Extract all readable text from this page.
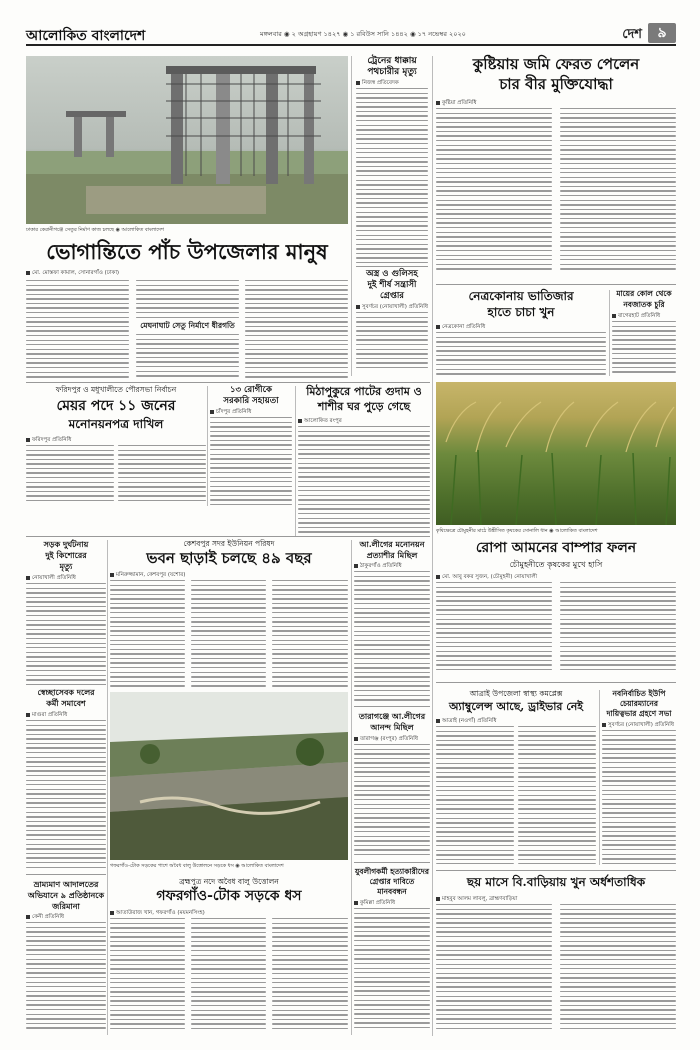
আলোকিত বাংলাদেশ	মঙ্গলবার ◉ ২ অগ্রহায়ণ ১৪২৭ ◉ ১ রবিউস সানি ১৪৪২ ◉ ১৭ নভেম্বর ২০২০	দেশ	৯
ঢাকার কেরানীগঞ্জে সেতুর নির্মাণ কাজ চলছে ◉ আলোকিত বাংলাদেশ
ট্রেনের ধাক্কায়
পথচারীর মৃত্যু
নিজস্ব প্রতিবেদক
কুষ্টিয়ায় জমি ফেরত পেলেন
চার বীর মুক্তিযোদ্ধা
কুষ্টিয়া প্রতিনিধি
ভোগান্তিতে পাঁচ উপজেলার মানুষ
মো. মোস্তফা কামাল, সোনারগাঁও (ঢাকা)
মেঘনাঘাট সেতু নির্মাণে ধীরগতি
অস্ত্র ও গুলিসহ
দুই শীর্ষ সন্ত্রাসী
গ্রেপ্তার
সুবর্ণচর (নোয়াখালী) প্রতিনিধি
নেত্রকোনায় ভাতিজার
হাতে চাচা খুন
নেত্রকোনা প্রতিনিধি
মায়ের কোল থেকে
নবজাতক চুরি
বাগেরহাট প্রতিনিধি
কৃষিক্ষেত্রে চৌমুহনীর মাঠে উঙ্কীসিত কৃষকের সোনালি ধান ◉ আলোকিত বাংলাদেশ
ফরিদপুর ও মধুখালীতে পৌরসভা নির্বাচন
মেয়র পদে ১১ জনের
মনোনয়নপত্র দাখিল
ফরিদপুর প্রতিনিধি
১৩ রোগীকে
সরকারি সহায়তা
চাঁদপুর প্রতিনিধি
মিঠাপুকুরে পাটের গুদাম ও
শাশীর ঘর পুড়ে গেছে
আলোকিত রংপুর
সড়ক দুর্ঘটনায়
দুই কিশোরের
মৃত্যু
নোয়াখালী প্রতিনিধি
কেশবপুর সদর ইউনিয়ন পরিষদ
ভবন ছাড়াই চলছে ৪৯ বছর
মনিরুজ্জামান, কেশবপুর (যশোর)
আ.লীগের মনোনয়ন
প্রত্যাশীর মিছিল
ঠাকুরগাঁও প্রতিনিধি
রোপা আমনের বাম্পার ফলন
চৌমুহনীতে কৃষকের মুখে হাসি
মো. আবু বকর সুজন, (চৌমুহনী) নোয়াখালী
স্বেচ্ছাসেবক দলের
কর্মী সমাবেশ
মাগুরা প্রতিনিধি
গফরগাঁও-টোক সড়কের পাশে অবৈধ বালু উত্তোলনে সড়কে ধস ◉ আলোকিত বাংলাদেশ
তারাগঞ্জে আ.লীগের
আনন্দ মিছিল
তারাগঞ্জ (রংপুর) প্রতিনিধি
আত্রাই উপজেলা স্বাস্থ্য কমপ্লেক্স
অ্যাম্বুলেন্স আছে, ড্রাইভার নেই
আত্রাই (নওগাঁ) প্রতিনিধি
নবনির্বাচিত ইউপি
চেয়ারম্যানের
দায়িত্বভার গ্রহণে সভা
সুবর্ণচর (নোয়াখালী) প্রতিনিধি
ভ্রাম্যমাণ আদালতের
অভিযানে ৯ প্রতিষ্ঠানকে
জরিমানা
কেনী প্রতিনিধি
ব্রহ্মপুত্র নদে অবৈধ বালু উত্তোলন
গফরগাঁও-টোক সড়কে ধস
আতাউরাজ খান, গফরগাঁও (ময়মনসিংহ)
যুবলীগকর্মী হত্যাকারীদের
গ্রেপ্তার দাবিতে
মানববন্ধন
কুমিল্লা প্রতিনিধি
ছয় মাসে বি.বাড়িয়ায় খুন অর্ধশতাধিক
মাহবুব আলম লাবলু, ব্রাহ্মণবাড়িয়া
